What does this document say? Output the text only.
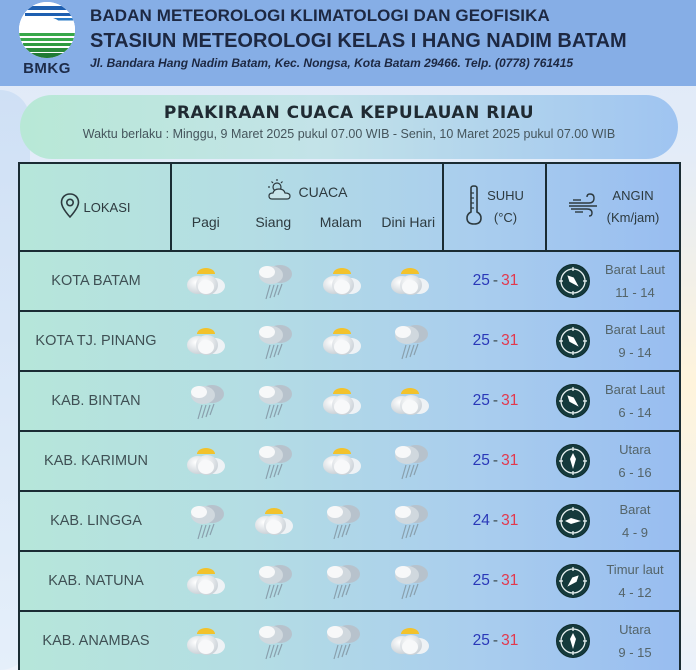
BMKG
BADAN METEOROLOGI KLIMATOLOGI DAN GEOFISIKA
STASIUN METEOROLOGI KELAS I HANG NADIM BATAM
Jl. Bandara Hang Nadim Batam, Kec. Nongsa, Kota Batam 29466. Telp. (0778) 761415
PRAKIRAAN CUACA KEPULAUAN RIAU
Waktu berlaku : Minggu, 9 Maret 2025 pukul 07.00 WIB - Senin, 10 Maret 2025 pukul 07.00 WIB
LOKASI
CUACA
Pagi	Siang	Malam	Dini Hari
SUHU
(°C)
ANGIN
(Km/jam)
KOTA BATAM	25 - 31
Barat Laut
11 - 14
KOTA TJ. PINANG	25 - 31
Barat Laut
9 - 14
KAB. BINTAN	25 - 31
Barat Laut
6 - 14
KAB. KARIMUN	25 - 31
Utara
6 - 16
KAB. LINGGA	24 - 31
Barat
4 - 9
KAB. NATUNA	25 - 31
Timur laut
4 - 12
KAB. ANAMBAS	25 - 31
Utara
9 - 15
